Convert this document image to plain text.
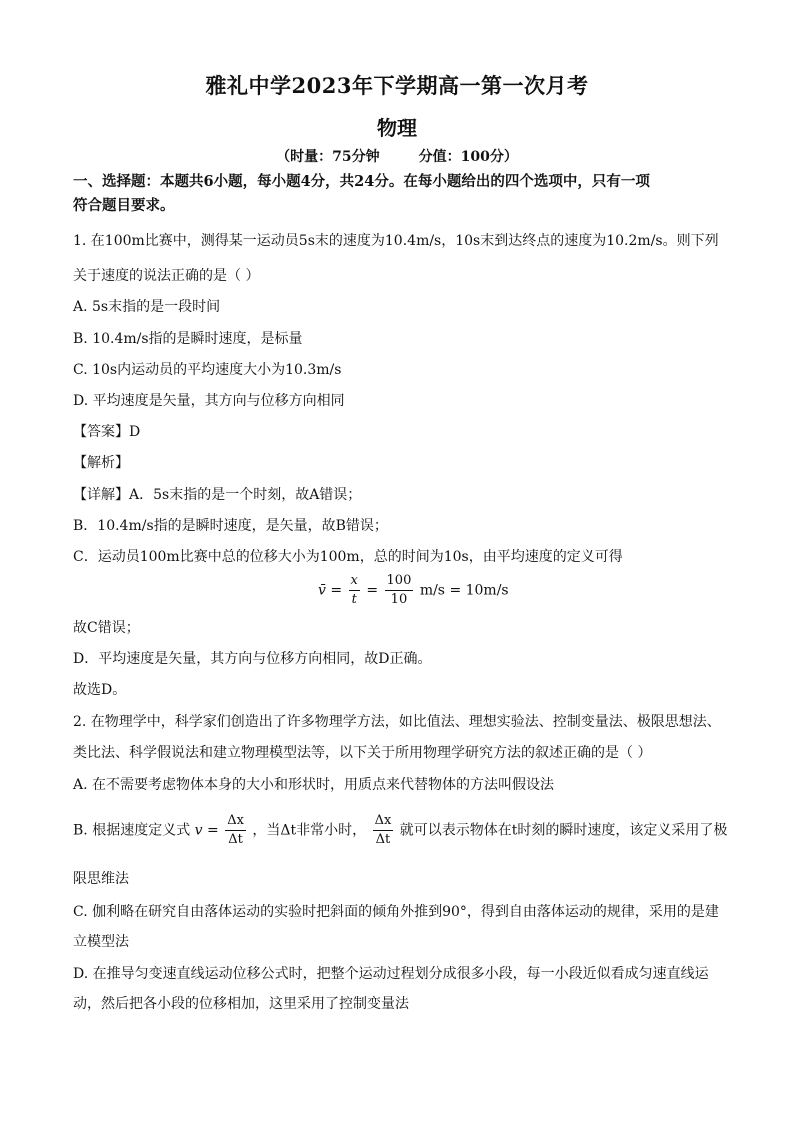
雅礼中学2023年下学期高一第一次月考
物理
（时量：75分钟        分值：100分）
一、选择题：本题共6小题，每小题4分，共24分。在每小题给出的四个选项中，只有一项
符合题目要求。
1. 在100m比赛中，测得某一运动员5s末的速度为10.4m/s，10s末到达终点的速度为10.2m/s。则下列
关于速度的说法正确的是（ ）
A. 5s末指的是一段时间
B. 10.4m/s指的是瞬时速度，是标量
C. 10s内运动员的平均速度大小为10.3m/s
D. 平均速度是矢量，其方向与位移方向相同
【答案】D
【解析】
【详解】A．5s末指的是一个时刻，故A错误；
B．10.4m/s指的是瞬时速度，是矢量，故B错误；
C．运动员100m比赛中总的位移大小为100m，总的时间为10s，由平均速度的定义可得
v̄ = $\frac{x}{t} = \frac{100}{10} m/s = 10m/s$
故C错误；
D．平均速度是矢量，其方向与位移方向相同，故D正确。
故选D。
2. 在物理学中，科学家们创造出了许多物理学方法，如比值法、理想实验法、控制变量法、极限思想法、
类比法、科学假说法和建立物理模型法等，以下关于所用物理学研究方法的叙述正确的是（ ）
A. 在不需要考虑物体本身的大小和形状时，用质点来代替物体的方法叫假设法
B. 根据速度定义式 $v = \frac{\Delta x}{\Delta t}$ ，当Δt非常小时， $\frac{\Delta x}{\Delta t}$ 就可以表示物体在t时刻的瞬时速度，该定义采用了极
限思维法
C. 伽利略在研究自由落体运动的实验时把斜面的倾角外推到90°，得到自由落体运动的规律，采用的是建
立模型法
D. 在推导匀变速直线运动位移公式时，把整个运动过程划分成很多小段，每一小段近似看成匀速直线运
动，然后把各小段的位移相加，这里采用了控制变量法
